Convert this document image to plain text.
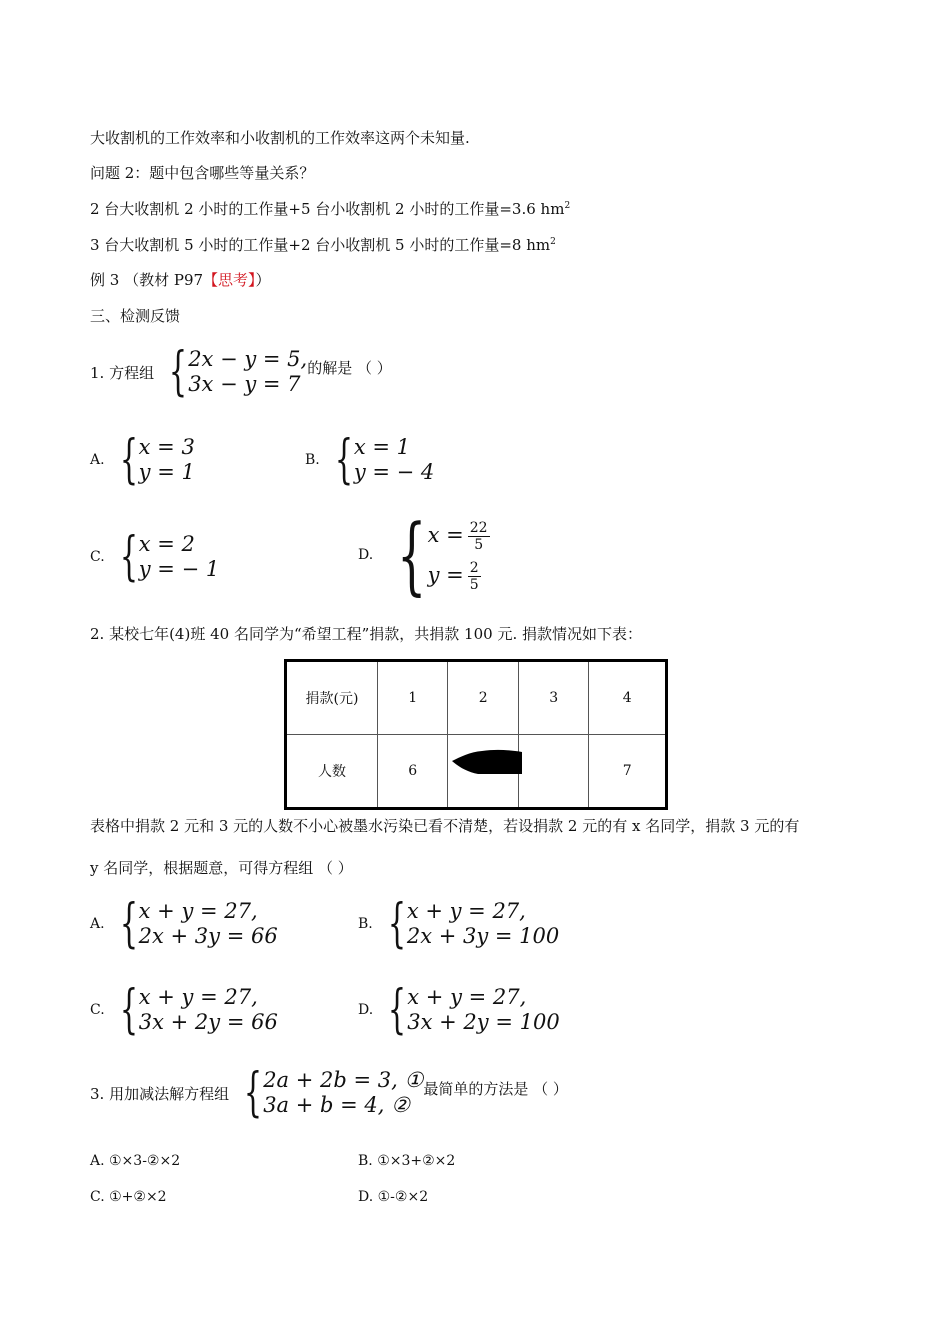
大收割机的工作效率和小收割机的工作效率这两个未知量.
问题 2：题中包含哪些等量关系？
2 台大收割机 2 小时的工作量+5 台小收割机 2 小时的工作量=3.6 $hm^2$
3 台大收割机 5 小时的工作量+2 台小收割机 5 小时的工作量=8 $hm^2$
例 3 （教材 P97【思考】）
三、检测反馈
1. 方程组 { 2x − y = 5,
3x − y = 7
的解是 （ ）
A. { x = 3
y = 1	B. { x = 1
y = − 4
C. { x = 2
y = − 1
D. { $x = \frac{22}{5}$
$y = \frac{2}{5}$
2. 某校七年(4)班 40 名同学为“希望工程”捐款，共捐款 100 元. 捐款情况如下表：
捐款(元)	1	2	3	4
人数	6			7
表格中捐款 2 元和 3 元的人数不小心被墨水污染已看不清楚，若设捐款 2 元的有 x 名同学，捐款 3 元的有
y 名同学，根据题意，可得方程组 （ ）
A. { x + y = 27,
2x + 3y = 66	B. { x + y = 27,
2x + 3y = 100
C. { x + y = 27,
3x + 2y = 66	D. { x + y = 27,
3x + 2y = 100
3. 用加减法解方程组 { 2a + 2b = 3, ①
3a + b = 4, ②
最简单的方法是 （ ）
A. ①×3-②×2	B. ①×3+②×2
C. ①+②×2	D. ①-②×2
